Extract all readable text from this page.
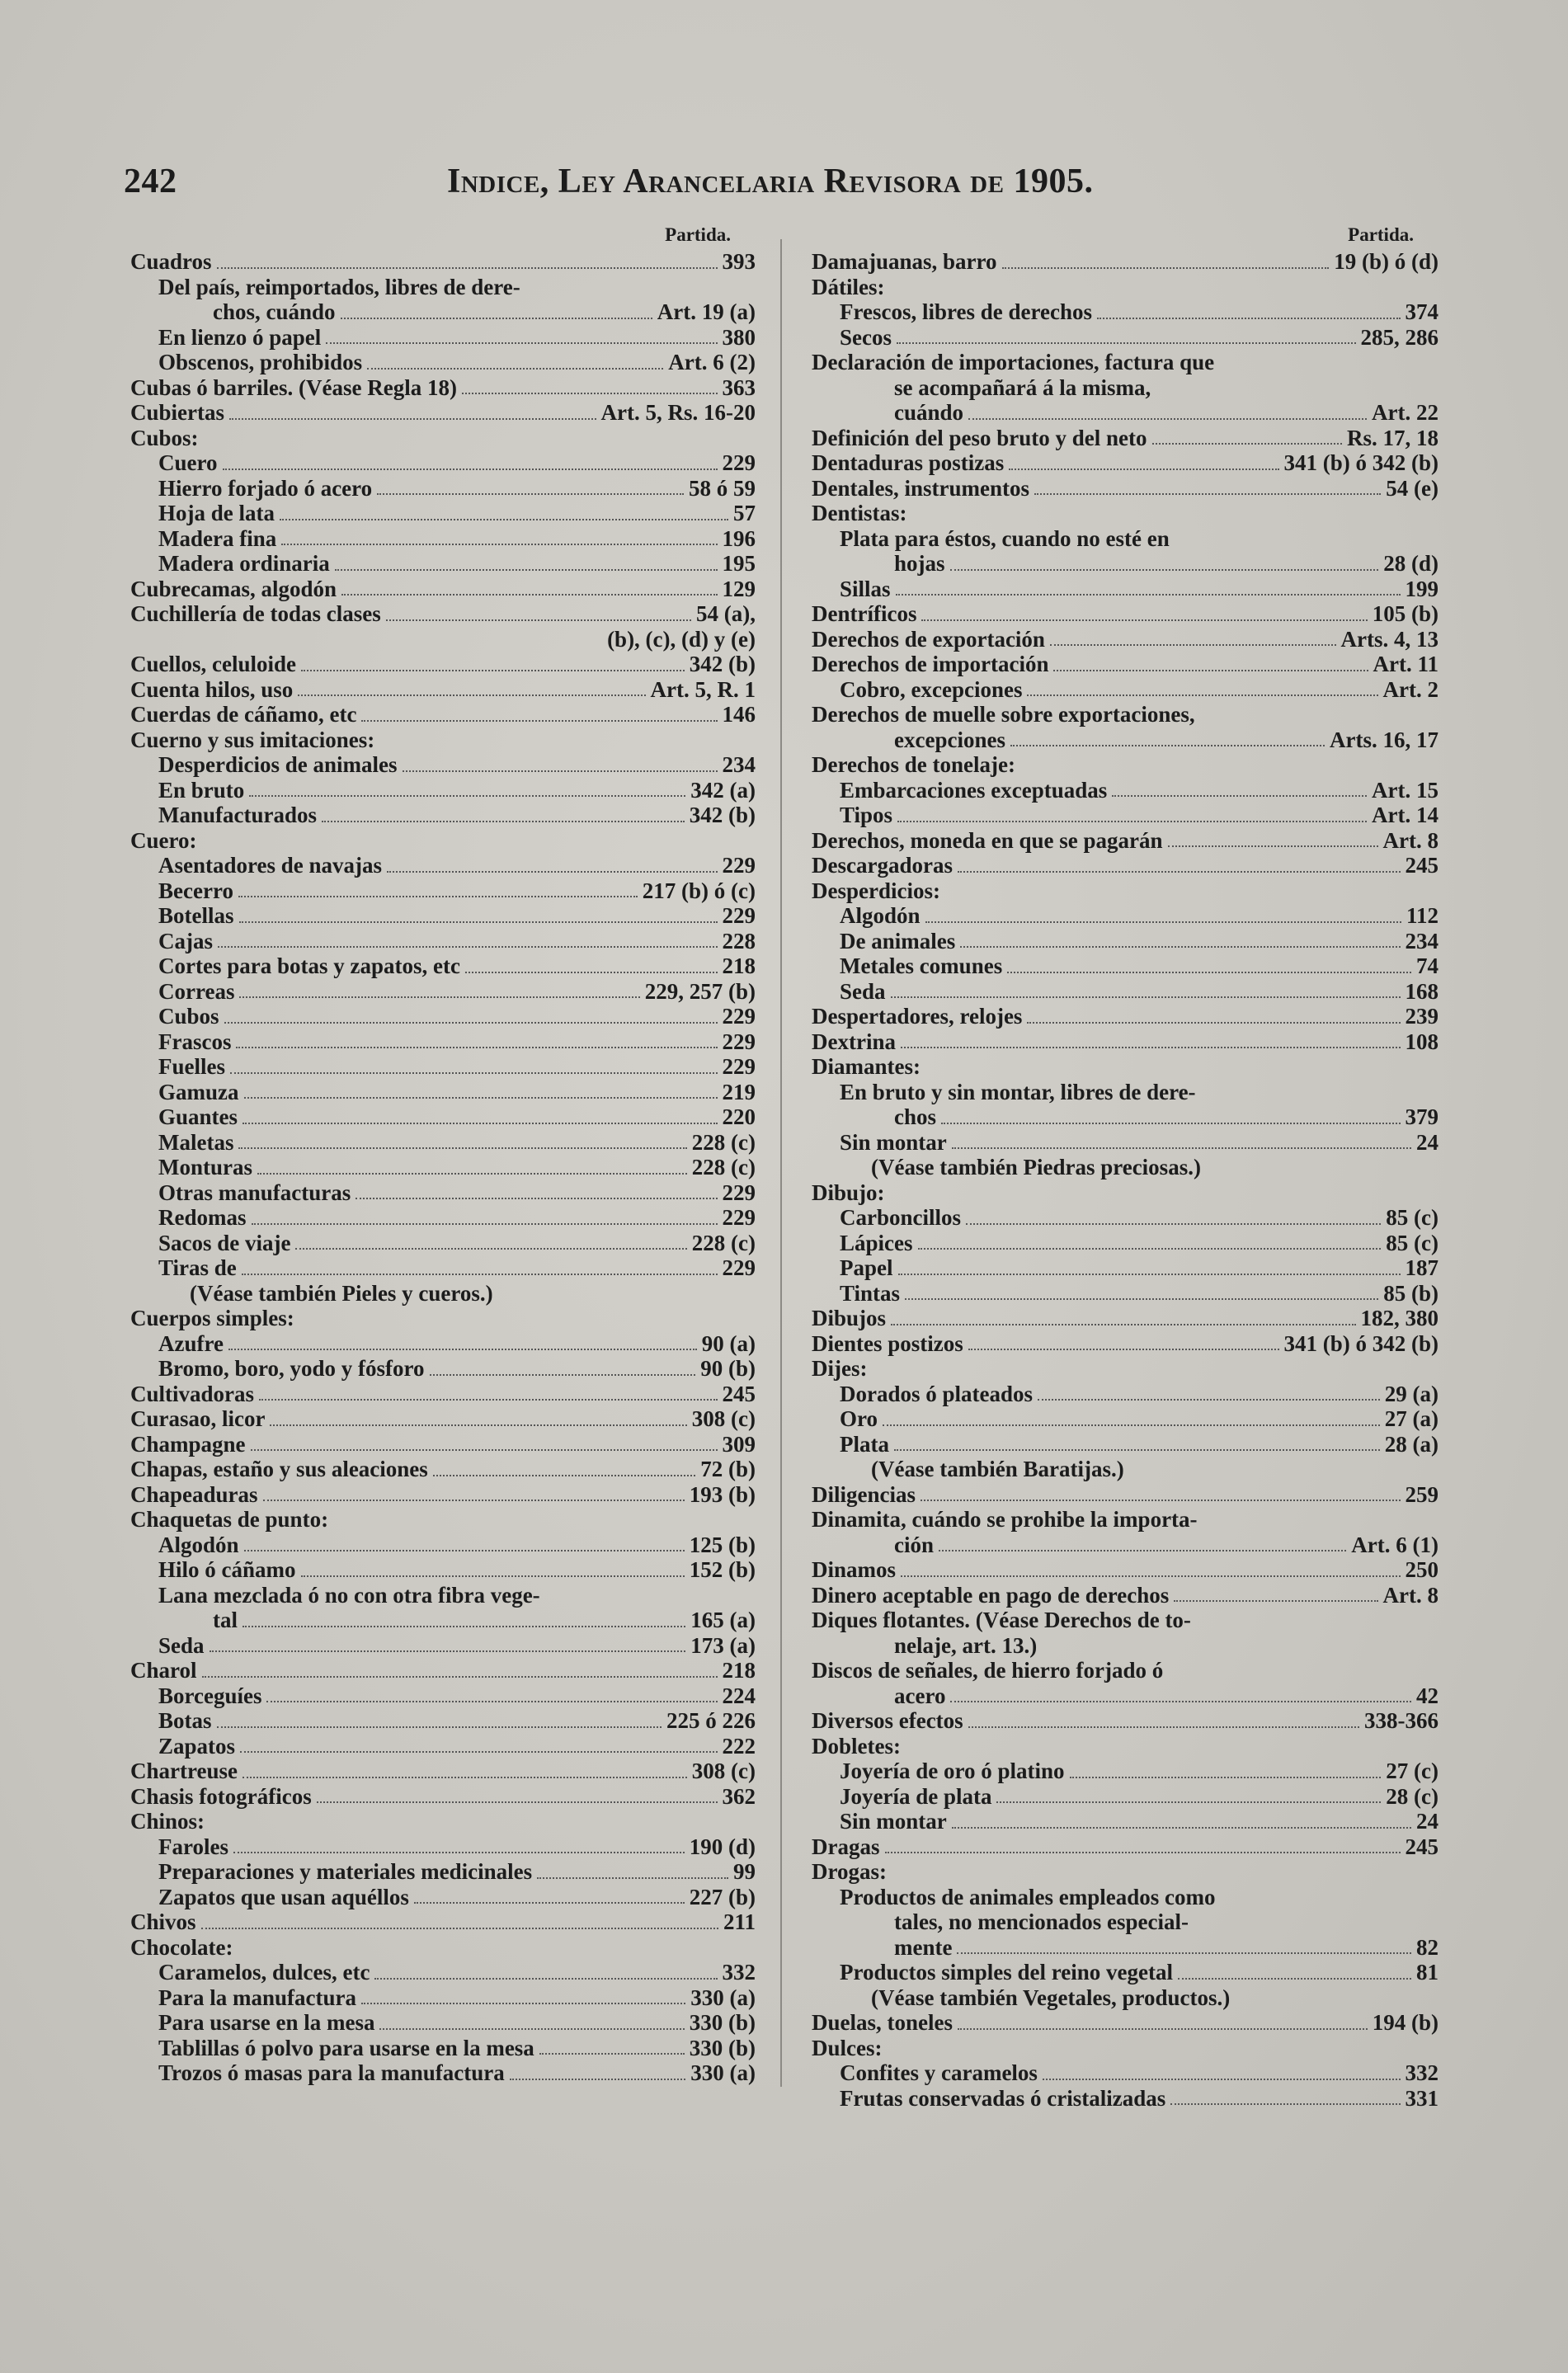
242	Indice, Ley Arancelaria Revisora de 1905.
Partida.
Cuadros	393
Del país, reimportados, libres de dere-
chos, cuándo	Art. 19 (a)
En lienzo ó papel	380
Obscenos, prohibidos	Art. 6 (2)
Cubas ó barriles. (Véase Regla 18)	363
Cubiertas	Art. 5, Rs. 16-20
Cubos:
Cuero	229
Hierro forjado ó acero	58 ó 59
Hoja de lata	57
Madera fina	196
Madera ordinaria	195
Cubrecamas, algodón	129
Cuchillería de todas clases	54 (a),
(b), (c), (d) y (e)
Cuellos, celuloide	342 (b)
Cuenta hilos, uso	Art. 5, R. 1
Cuerdas de cáñamo, etc	146
Cuerno y sus imitaciones:
Desperdicios de animales	234
En bruto	342 (a)
Manufacturados	342 (b)
Cuero:
Asentadores de navajas	229
Becerro	217 (b) ó (c)
Botellas	229
Cajas	228
Cortes para botas y zapatos, etc	218
Correas	229, 257 (b)
Cubos	229
Frascos	229
Fuelles	229
Gamuza	219
Guantes	220
Maletas	228 (c)
Monturas	228 (c)
Otras manufacturas	229
Redomas	229
Sacos de viaje	228 (c)
Tiras de	229
(Véase también Pieles y cueros.)
Cuerpos simples:
Azufre	90 (a)
Bromo, boro, yodo y fósforo	90 (b)
Cultivadoras	245
Curasao, licor	308 (c)
Champagne	309
Chapas, estaño y sus aleaciones	72 (b)
Chapeaduras	193 (b)
Chaquetas de punto:
Algodón	125 (b)
Hilo ó cáñamo	152 (b)
Lana mezclada ó no con otra fibra vege-
tal	165 (a)
Seda	173 (a)
Charol	218
Borceguíes	224
Botas	225 ó 226
Zapatos	222
Chartreuse	308 (c)
Chasis fotográficos	362
Chinos:
Faroles	190 (d)
Preparaciones y materiales medicinales	99
Zapatos que usan aquéllos	227 (b)
Chivos	211
Chocolate:
Caramelos, dulces, etc	332
Para la manufactura	330 (a)
Para usarse en la mesa	330 (b)
Tablillas ó polvo para usarse en la mesa	330 (b)
Trozos ó masas para la manufactura	330 (a)
Partida.
Damajuanas, barro	19 (b) ó (d)
Dátiles:
Frescos, libres de derechos	374
Secos	285, 286
Declaración de importaciones, factura que
se acompañará á la misma,
cuándo	Art. 22
Definición del peso bruto y del neto	Rs. 17, 18
Dentaduras postizas	341 (b) ó 342 (b)
Dentales, instrumentos	54 (e)
Dentistas:
Plata para éstos, cuando no esté en
hojas	28 (d)
Sillas	199
Dentríficos	105 (b)
Derechos de exportación	Arts. 4, 13
Derechos de importación	Art. 11
Cobro, excepciones	Art. 2
Derechos de muelle sobre exportaciones,
excepciones	Arts. 16, 17
Derechos de tonelaje:
Embarcaciones exceptuadas	Art. 15
Tipos	Art. 14
Derechos, moneda en que se pagarán	Art. 8
Descargadoras	245
Desperdicios:
Algodón	112
De animales	234
Metales comunes	74
Seda	168
Despertadores, relojes	239
Dextrina	108
Diamantes:
En bruto y sin montar, libres de dere-
chos	379
Sin montar	24
(Véase también Piedras preciosas.)
Dibujo:
Carboncillos	85 (c)
Lápices	85 (c)
Papel	187
Tintas	85 (b)
Dibujos	182, 380
Dientes postizos	341 (b) ó 342 (b)
Dijes:
Dorados ó plateados	29 (a)
Oro	27 (a)
Plata	28 (a)
(Véase también Baratijas.)
Diligencias	259
Dinamita, cuándo se prohibe la importa-
ción	Art. 6 (1)
Dinamos	250
Dinero aceptable en pago de derechos	Art. 8
Diques flotantes. (Véase Derechos de to-
nelaje, art. 13.)
Discos de señales, de hierro forjado ó
acero	42
Diversos efectos	338-366
Dobletes:
Joyería de oro ó platino	27 (c)
Joyería de plata	28 (c)
Sin montar	24
Dragas	245
Drogas:
Productos de animales empleados como
tales, no mencionados especial-
mente	82
Productos simples del reino vegetal	81
(Véase también Vegetales, productos.)
Duelas, toneles	194 (b)
Dulces:
Confites y caramelos	332
Frutas conservadas ó cristalizadas	331
